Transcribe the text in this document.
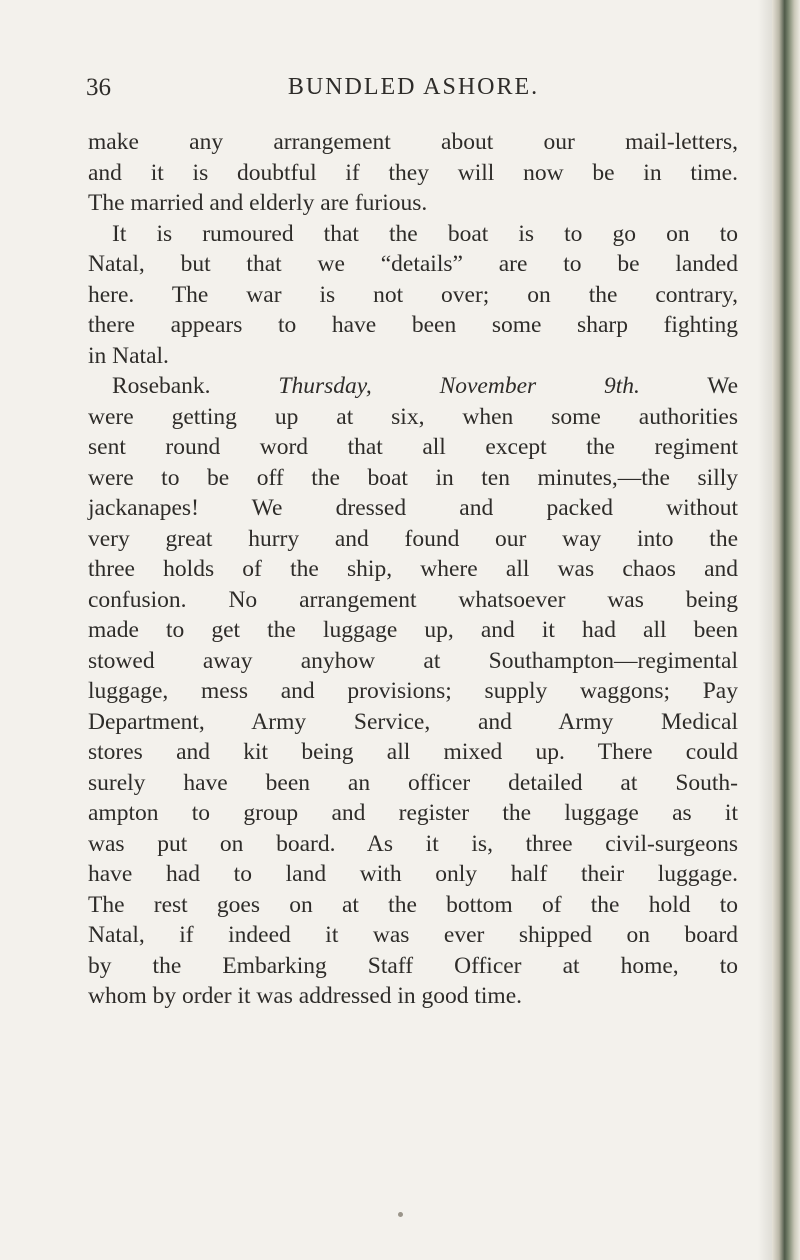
36	BUNDLED ASHORE.
make any arrangement about our mail-letters,
and it is doubtful if they will now be in time.
The married and elderly are furious.
It is rumoured that the boat is to go on to
Natal, but that we “details” are to be landed
here. The war is not over; on the contrary,
there appears to have been some sharp fighting
in Natal.
Rosebank.	Thursday, November 9th.	We
were getting up at six, when some authorities
sent round word that all except the regiment
were to be off the boat in ten minutes,—the silly
jackanapes! We dressed and packed without
very great hurry and found our way into the
three holds of the ship, where all was chaos and
confusion. No arrangement whatsoever was being
made to get the luggage up, and it had all been
stowed away anyhow at Southampton—regimental
luggage, mess and provisions; supply waggons; Pay
Department, Army Service, and Army Medical
stores and kit being all mixed up. There could
surely have been an officer detailed at South-
ampton to group and register the luggage as it
was put on board. As it is, three civil-surgeons
have had to land with only half their luggage.
The rest goes on at the bottom of the hold to
Natal, if indeed it was ever shipped on board
by the Embarking Staff Officer at home, to
whom by order it was addressed in good time.
